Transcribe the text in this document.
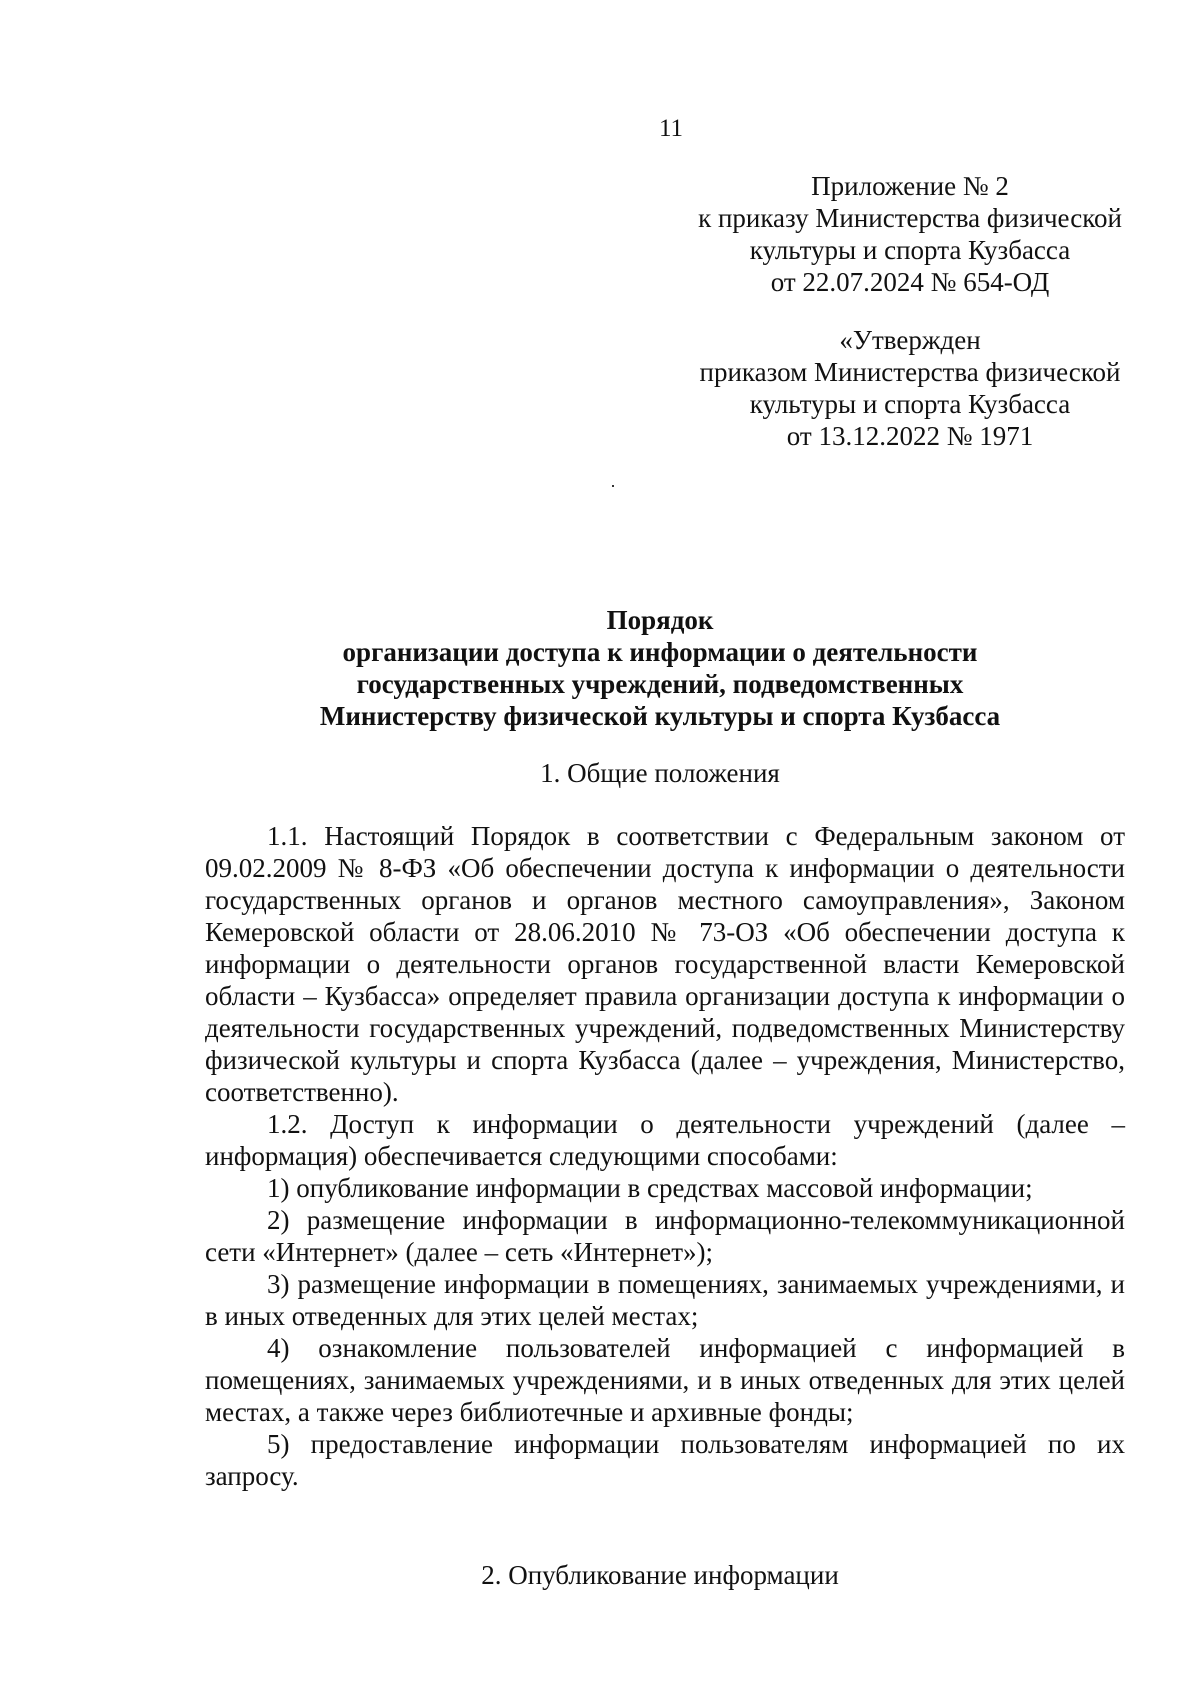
11
Приложение № 2
к приказу Министерства физической
культуры и спорта Кузбасса
от 22.07.2024 № 654-ОД
«Утвержден
приказом Министерства физической
культуры и спорта Кузбасса
от 13.12.2022 № 1971
Порядок
организации доступа к информации о деятельности
государственных учреждений, подведомственных
Министерству физической культуры и спорта Кузбасса
1. Общие положения

1.1. Настоящий Порядок в соответствии с Федеральным законом от 09.02.2009 № 8-ФЗ «Об обеспечении доступа к информации о деятельности государственных органов и органов местного самоуправления», Законом Кемеровской области от 28.06.2010 № 73-ОЗ «Об обеспечении доступа к информации о деятельности органов государственной власти Кемеровской области – Кузбасса» определяет правила организации доступа к информации о деятельности государственных учреждений, подведомственных Министерству физической культуры и спорта Кузбасса (далее – учреждения, Министерство, соответственно).

1.2. Доступ к информации о деятельности учреждений (далее – информация) обеспечивается следующими способами:

1) опубликование информации в средствах массовой информации;

2) размещение информации в информационно-телекоммуникационной сети «Интернет» (далее – сеть «Интернет»);

3) размещение информации в помещениях, занимаемых учреждениями, и в иных отведенных для этих целей местах;

4) ознакомление пользователей информацией с информацией в помещениях, занимаемых учреждениями, и в иных отведенных для этих целей местах, а также через библиотечные и архивные фонды;

5) предоставление информации пользователям информацией по их запросу.

2. Опубликование информации
